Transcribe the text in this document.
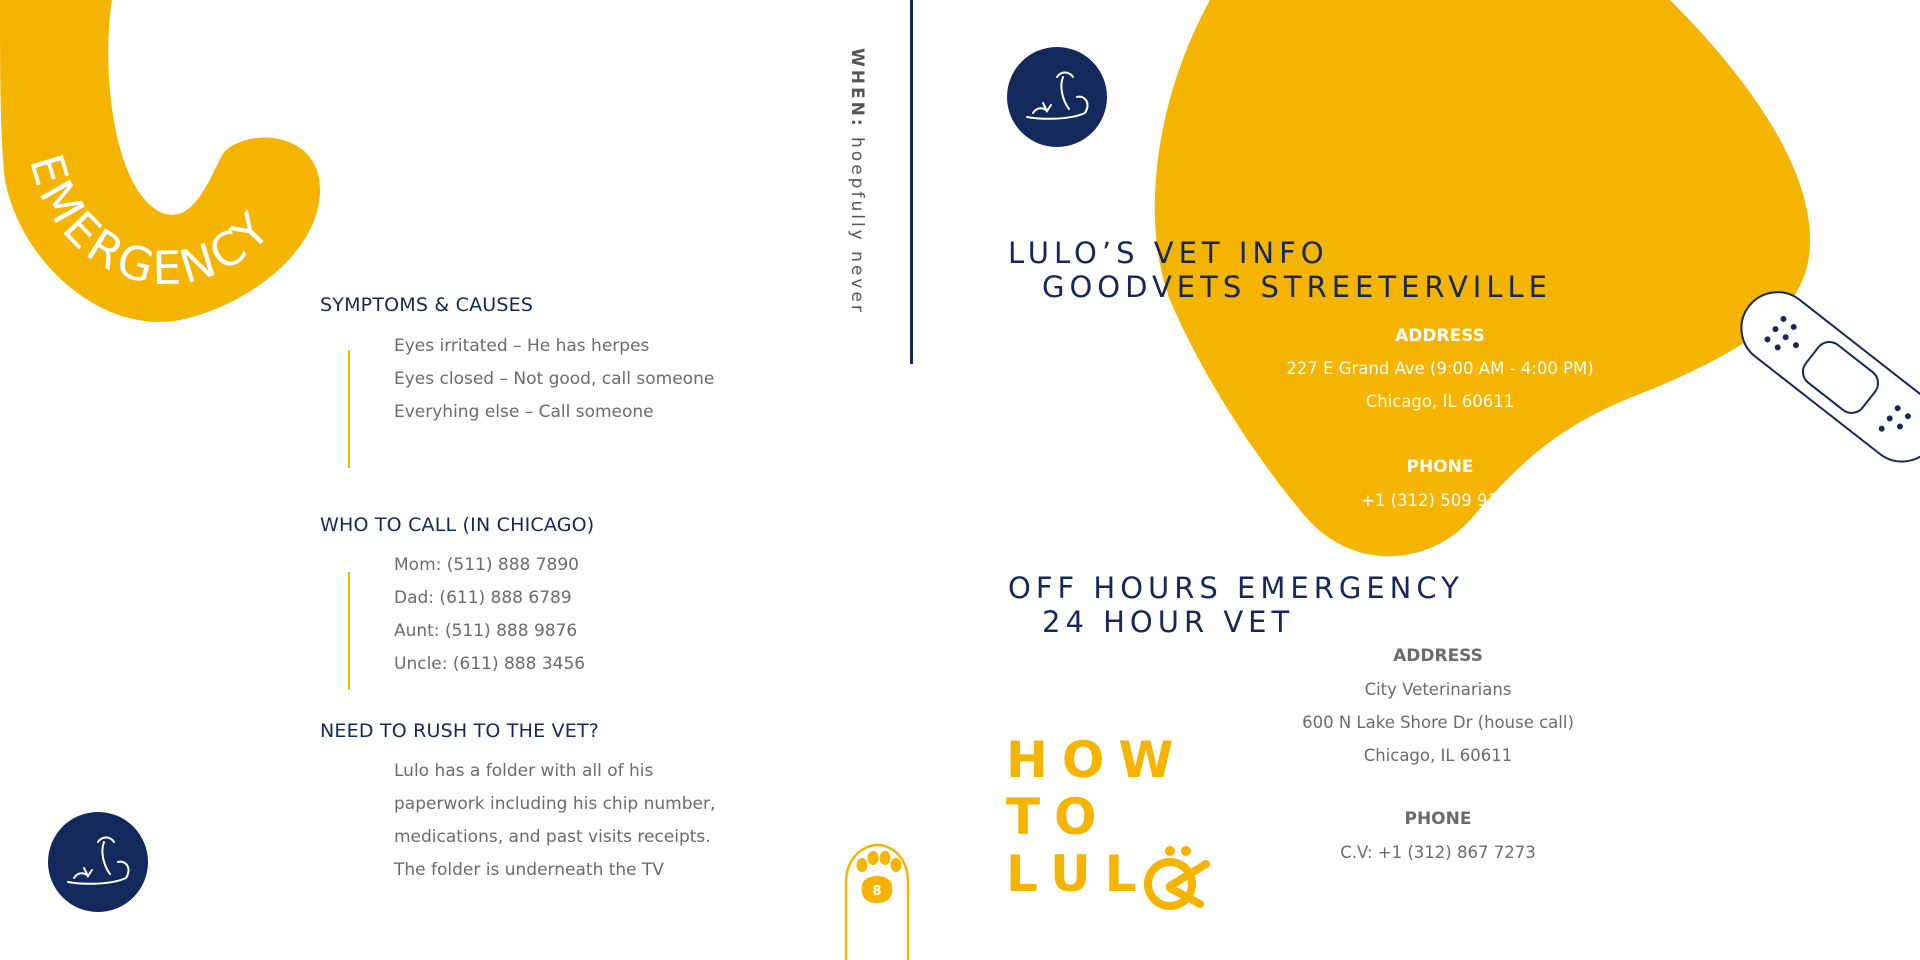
EMERGENCY
WHEN: hoepfully never
SYMPTOMS & CAUSES
Eyes irritated – He has herpes
Eyes closed – Not good, call someone
Everyhing else – Call someone
WHO TO CALL (IN CHICAGO)
Mom: (511) 888 7890
Dad: (611) 888 6789
Aunt: (511) 888 9876
Uncle: (611) 888 3456
NEED TO RUSH TO THE VET?
Lulo has a folder with all of his
paperwork including his chip number,
medications, and past visits receipts.
The folder is underneath the TV
8
LULO’S VET INFO
GOODVETS STREETERVILLE
ADDRESS
227 E Grand Ave (9:00 AM - 4:00 PM)
Chicago, IL 60611
PHONE
+1 (312) 509 9170
OFF HOURS EMERGENCY
24 HOUR VET
ADDRESS
City Veterinarians
600 N Lake Shore Dr (house call)
Chicago, IL 60611
PHONE
C.V: +1 (312) 867 7273
HOW
TO
LUL
